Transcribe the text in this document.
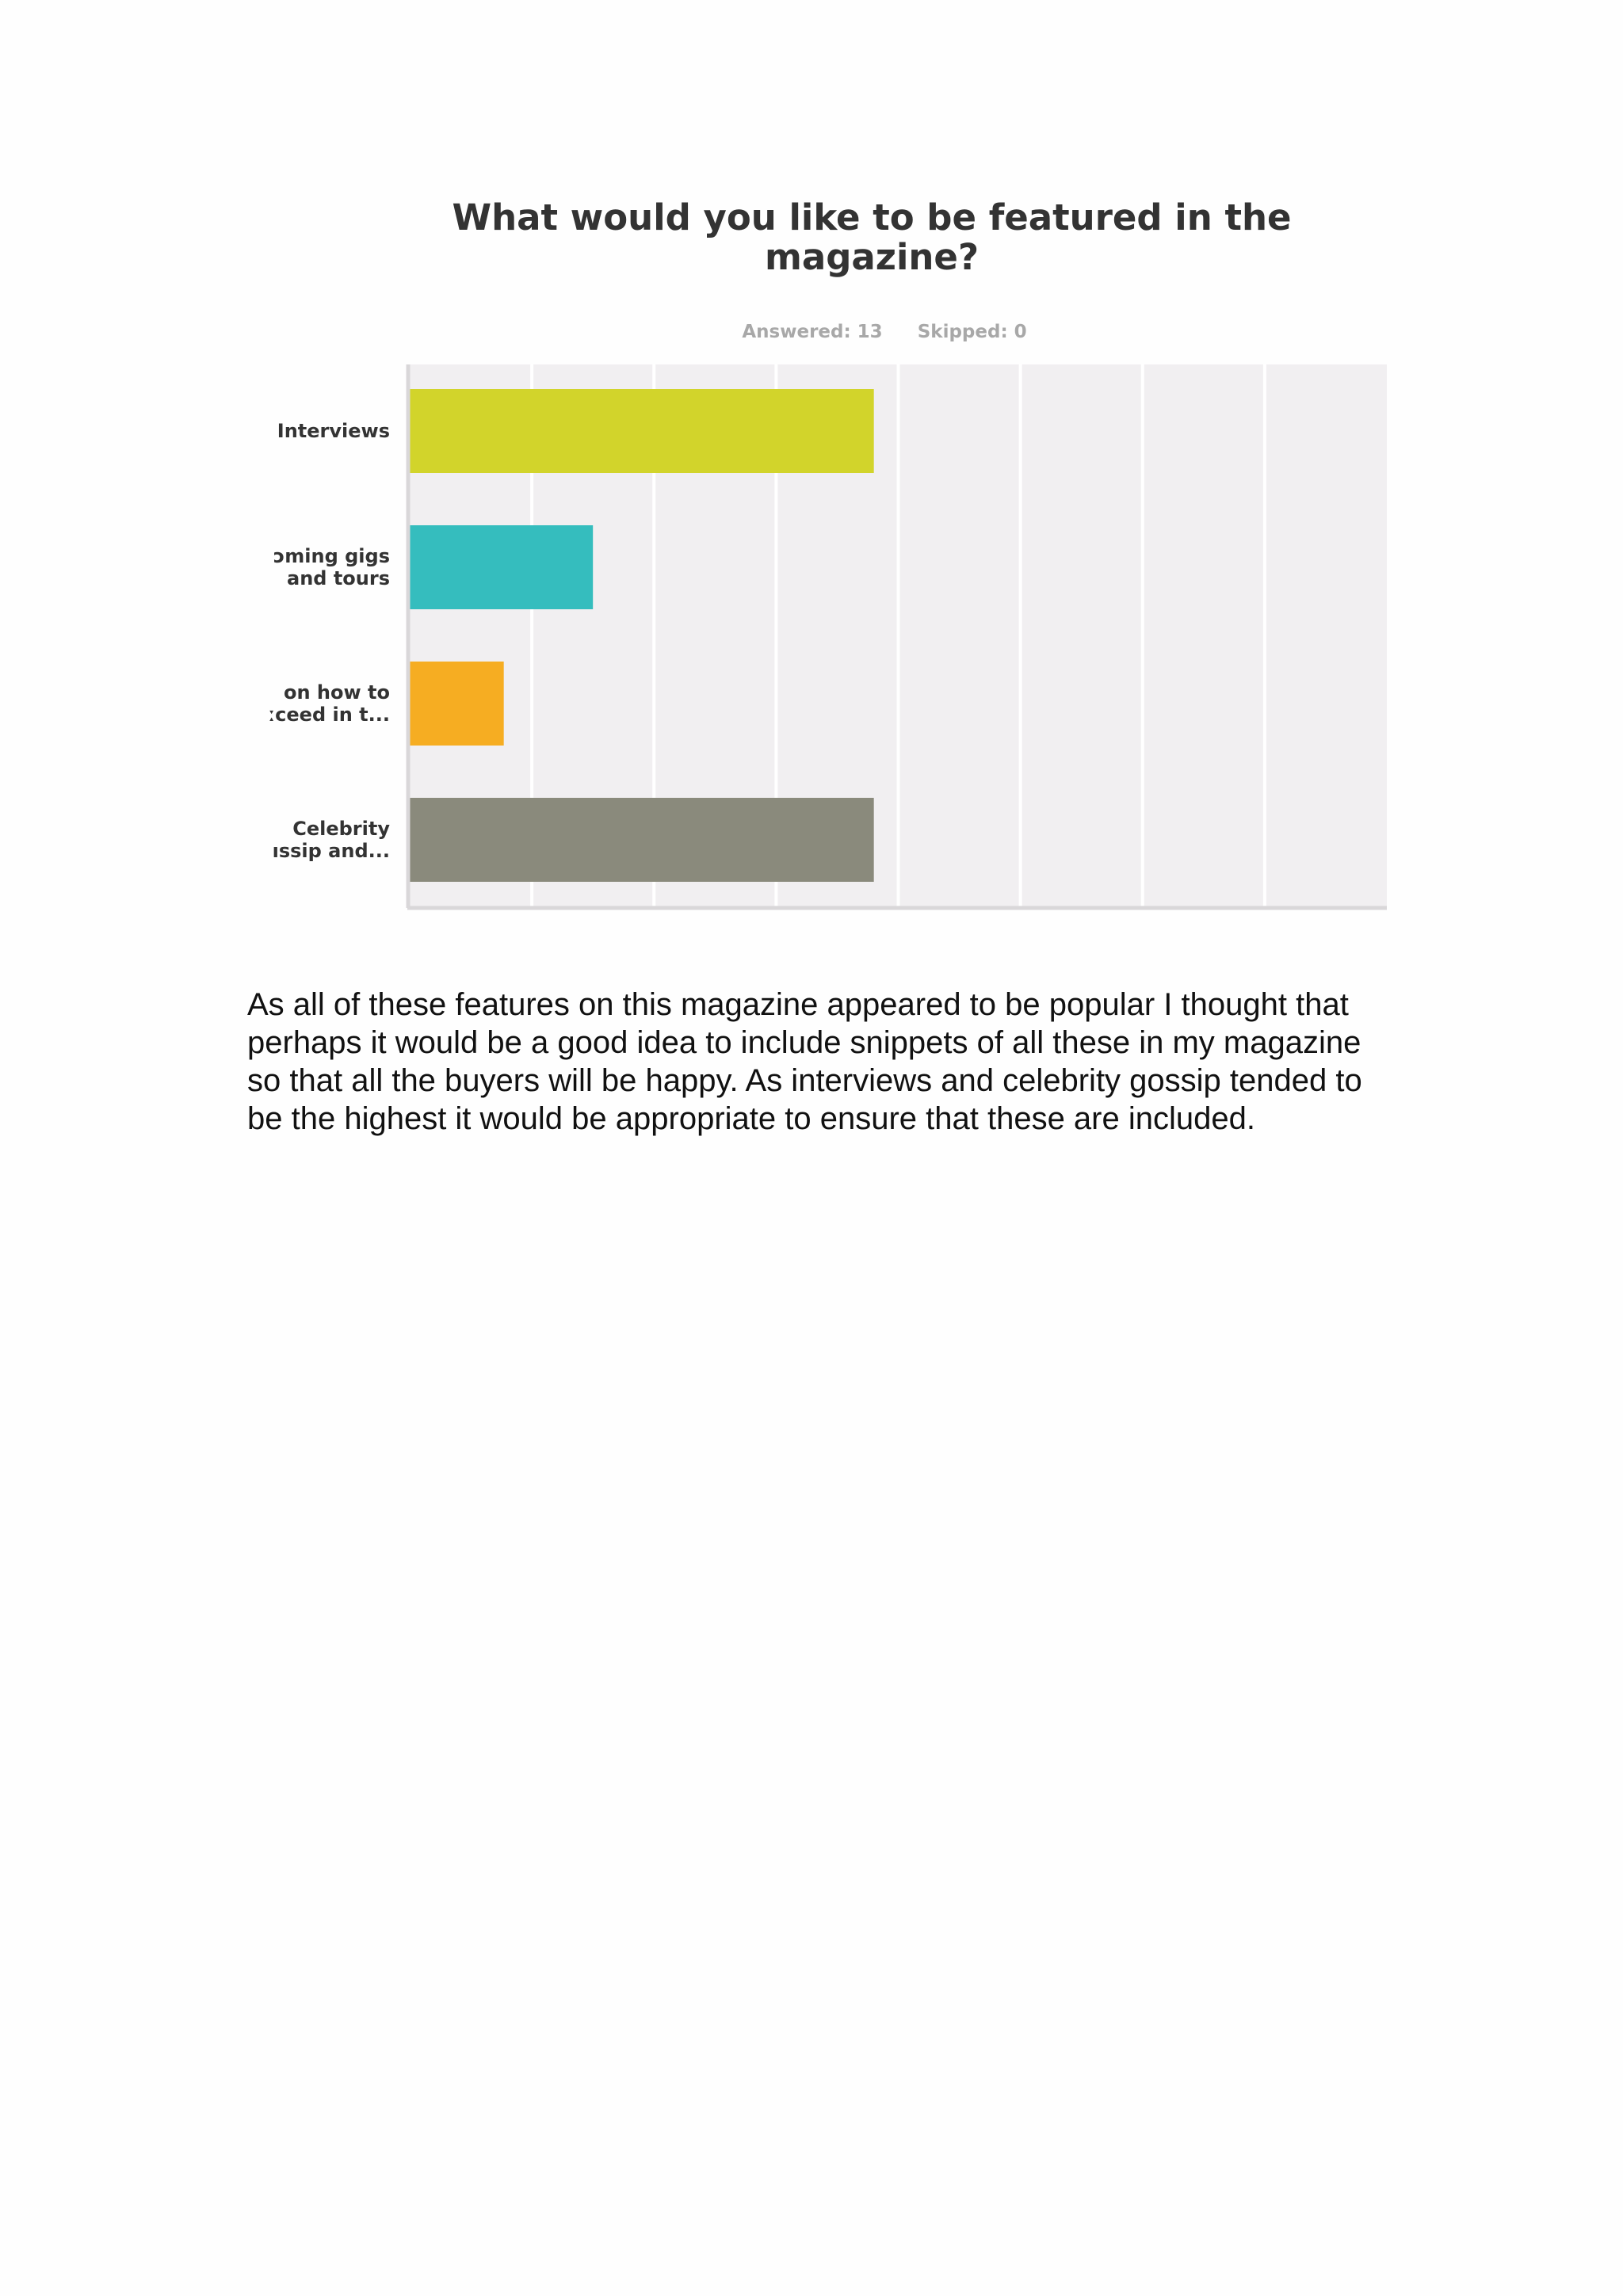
What would you like to be featured in the magazine?

Answered: 13 Skipped: 0

Interviews
ɔming gigs and tours
on how to ːceed in t...
Celebrity ıssip and...

As all of these features on this magazine appeared to be popular I thought that perhaps it would be a good idea to include snippets of all these in my magazine so that all the buyers will be happy. As interviews and celebrity gossip tended to be the highest it would be appropriate to ensure that these are included.
